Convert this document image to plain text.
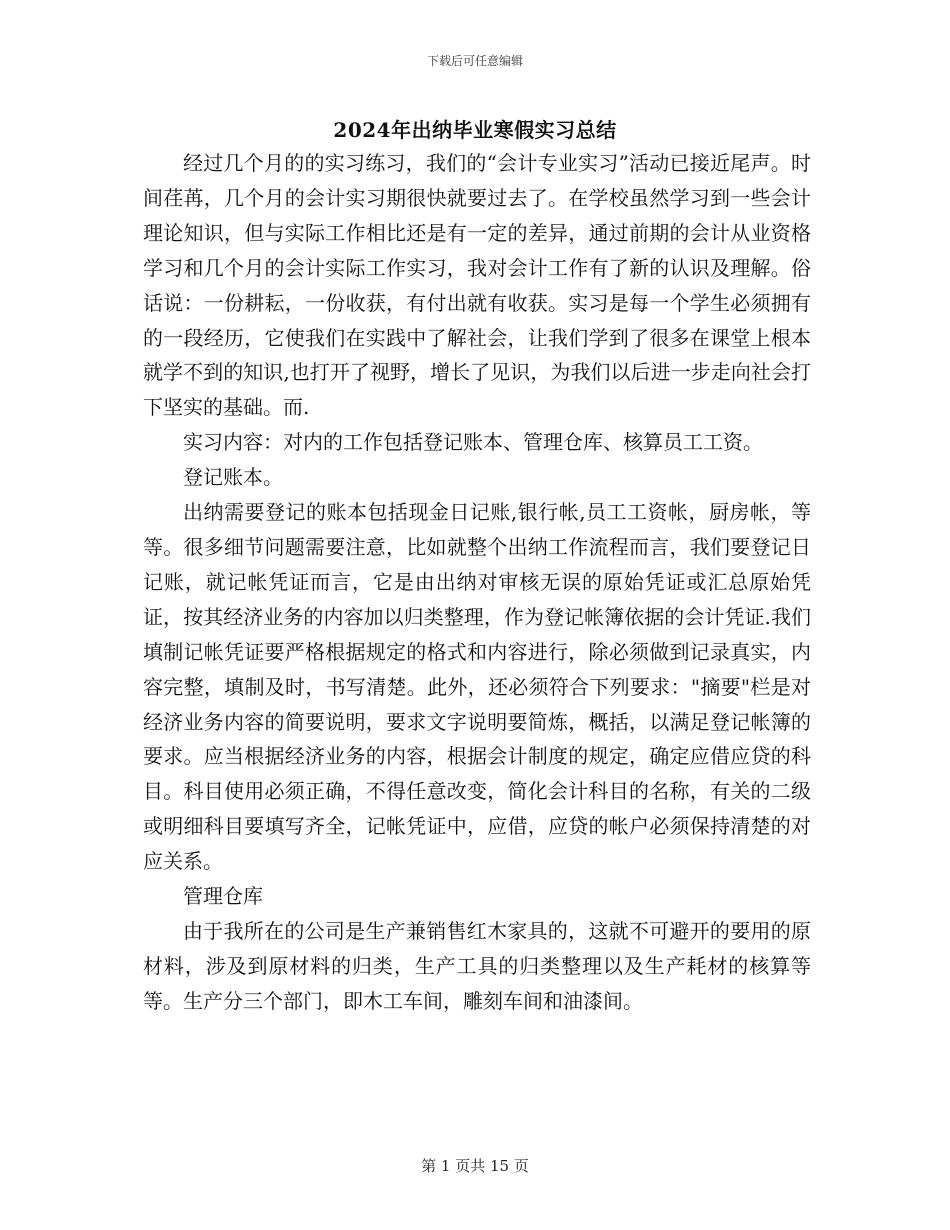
下载后可任意编辑
2024年出纳毕业寒假实习总结

经过几个月的的实习练习，我们的“会计专业实习”活动已接近尾声。时间荏苒，几个月的会计实习期很快就要过去了。在学校虽然学习到一些会计理论知识，但与实际工作相比还是有一定的差异，通过前期的会计从业资格学习和几个月的会计实际工作实习，我对会计工作有了新的认识及理解。俗话说：一份耕耘，一份收获，有付出就有收获。实习是每一个学生必须拥有的一段经历，它使我们在实践中了解社会，让我们学到了很多在课堂上根本就学不到的知识,也打开了视野，增长了见识，为我们以后进一步走向社会打下坚实的基础。而.

实习内容：对内的工作包括登记账本、管理仓库、核算员工工资。

登记账本。

出纳需要登记的账本包括现金日记账,银行帐,员工工资帐，厨房帐，等等。很多细节问题需要注意，比如就整个出纳工作流程而言，我们要登记日记账，就记帐凭证而言，它是由出纳对审核无误的原始凭证或汇总原始凭证，按其经济业务的内容加以归类整理，作为登记帐簿依据的会计凭证.我们填制记帐凭证要严格根据规定的格式和内容进行，除必须做到记录真实，内容完整，填制及时，书写清楚。此外，还必须符合下列要求："摘要"栏是对经济业务内容的简要说明，要求文字说明要简炼，概括，以满足登记帐簿的要求。应当根据经济业务的内容，根据会计制度的规定，确定应借应贷的科目。科目使用必须正确，不得任意改变，简化会计科目的名称，有关的二级或明细科目要填写齐全，记帐凭证中，应借，应贷的帐户必须保持清楚的对应关系。

管理仓库

由于我所在的公司是生产兼销售红木家具的，这就不可避开的要用的原材料，涉及到原材料的归类，生产工具的归类整理以及生产耗材的核算等等。生产分三个部门，即木工车间，雕刻车间和油漆间。

第 1 页共 15 页
